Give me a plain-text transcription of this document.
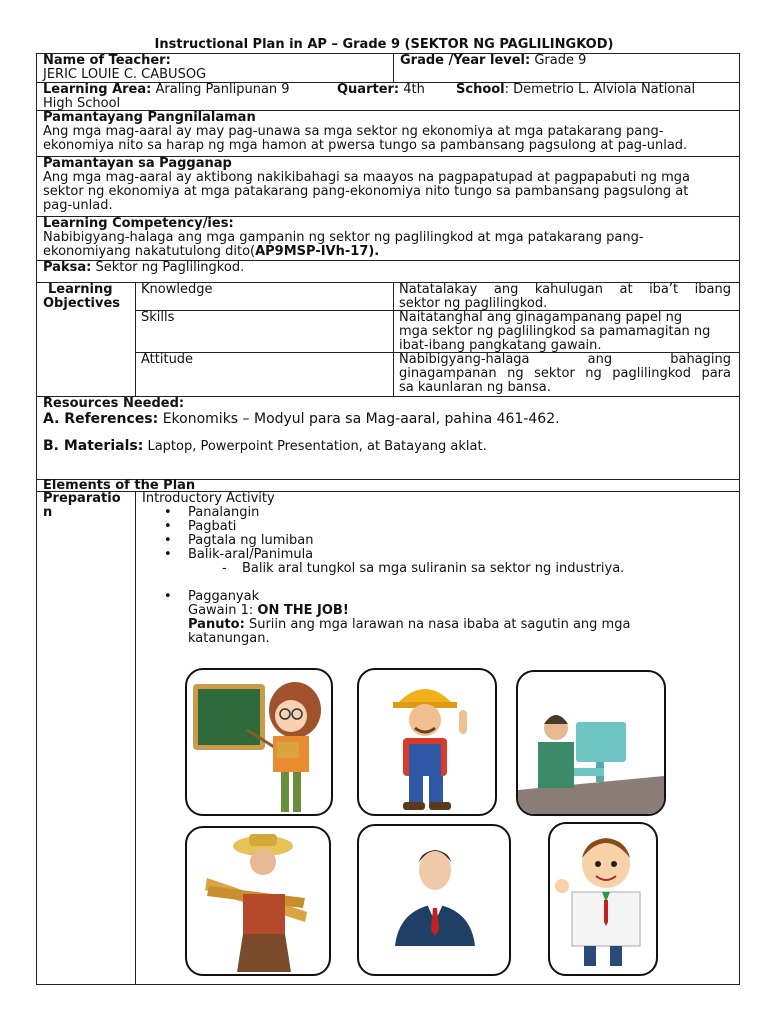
Instructional Plan in AP – Grade 9 (SEKTOR NG PAGLILINGKOD)
Name of Teacher:
JERIC LOUIE C. CABUSOG
Grade /Year level: Grade 9
Learning Area: Araling Panlipunan 9	Quarter: 4th School: Demetrio L. Alviola National
High School
Pamantayang Pangnilalaman
Ang mga mag-aaral ay may pag-unawa sa mga sektor ng ekonomiya at mga patakarang pang-
ekonomiya nito sa harap ng mga hamon at pwersa tungo sa pambansang pagsulong at pag-unlad.
Pamantayan sa Pagganap
Ang mga mag-aaral ay aktibong nakikibahagi sa maayos na pagpapatupad at pagpapabuti ng mga
sektor ng ekonomiya at mga patakarang pang-ekonomiya nito tungo sa pambansang pagsulong at
pag-unlad.
Learning Competency/ies:
Nabibigyang-halaga ang mga gampanin ng sektor ng paglilingkod at mga patakarang pang-
ekonomiyang nakatutulong dito(AP9MSP-IVh-17).
Paksa: Sektor ng Paglilingkod.
Learning
Objectives
Knowledge	Natatalakay ang kahulugan at iba’t ibang
sektor ng paglilingkod.
Skills	Naitatanghal ang ginagampanang papel ng
mga sektor ng paglilingkod sa pamamagitan ng
ibat-ibang pangkatang gawain.
Attitude	Nabibigyang-halaga ang bahaging
ginagampanan ng sektor ng paglilingkod para
sa kaunlaran ng bansa.
Resources Needed:
A. References: Ekonomiks – Modyul para sa Mag-aaral, pahina 461-462.
B. Materials: Laptop, Powerpoint Presentation, at Batayang aklat.
Elements of the Plan
Preparatio
n
Introductory Activity
• Panalangin
• Pagbati
• Pagtala ng lumiban
• Balik-aral/Panimula
- Balik aral tungkol sa mga suliranin sa sektor ng industriya.
• Pagganyak
Gawain 1: ON THE JOB!
Panuto: Suriin ang mga larawan na nasa ibaba at sagutin ang mga
katanungan.
